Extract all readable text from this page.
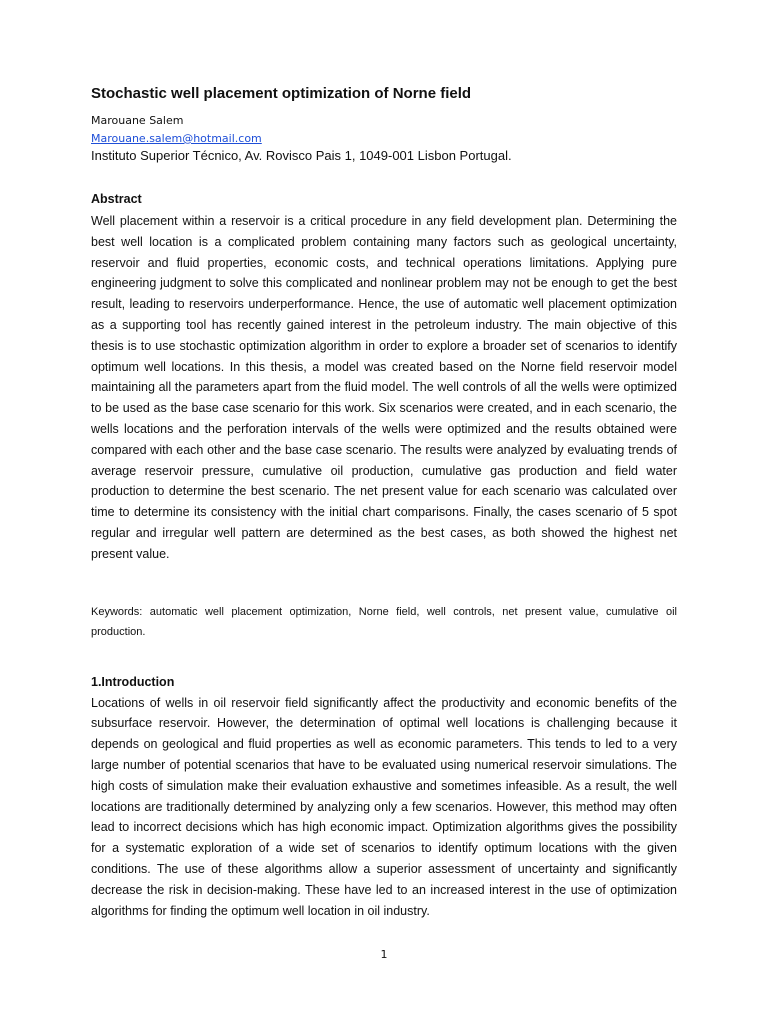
Stochastic well placement optimization of Norne field

Marouane Salem

Marouane.salem@hotmail.com

Instituto Superior Técnico, Av. Rovisco Pais 1, 1049-001 Lisbon Portugal.

Abstract

Well placement within a reservoir is a critical procedure in any field development plan. Determining the best well location is a complicated problem containing many factors such as geological uncertainty, reservoir and fluid properties, economic costs, and technical operations limitations. Applying pure engineering judgment to solve this complicated and nonlinear problem may not be enough to get the best result, leading to reservoirs underperformance. Hence, the use of automatic well placement optimization as a supporting tool has recently gained interest in the petroleum industry. The main objective of this thesis is to use stochastic optimization algorithm in order to explore a broader set of scenarios to identify optimum well locations. In this thesis, a model was created based on the Norne field reservoir model maintaining all the parameters apart from the fluid model. The well controls of all the wells were optimized to be used as the base case scenario for this work. Six scenarios were created, and in each scenario, the wells locations and the perforation intervals of the wells were optimized and the results obtained were compared with each other and the base case scenario. The results were analyzed by evaluating trends of average reservoir pressure, cumulative oil production, cumulative gas production and field water production to determine the best scenario. The net present value for each scenario was calculated over time to determine its consistency with the initial chart comparisons. Finally, the cases scenario of 5 spot regular and irregular well pattern are determined as the best cases, as both showed the highest net present value.

Keywords: automatic well placement optimization, Norne field, well controls, net present value, cumulative oil production.

1.Introduction

Locations of wells in oil reservoir field significantly affect the productivity and economic benefits of the subsurface reservoir. However, the determination of optimal well locations is challenging because it depends on geological and fluid properties as well as economic parameters. This tends to led to a very large number of potential scenarios that have to be evaluated using numerical reservoir simulations. The high costs of simulation make their evaluation exhaustive and sometimes infeasible. As a result, the well locations are traditionally determined by analyzing only a few scenarios. However, this method may often lead to incorrect decisions which has high economic impact. Optimization algorithms gives the possibility for a systematic exploration of a wide set of scenarios to identify optimum locations with the given conditions. The use of these algorithms allow a superior assessment of uncertainty and significantly decrease the risk in decision-making. These have led to an increased interest in the use of optimization algorithms for finding the optimum well location in oil industry.

1
